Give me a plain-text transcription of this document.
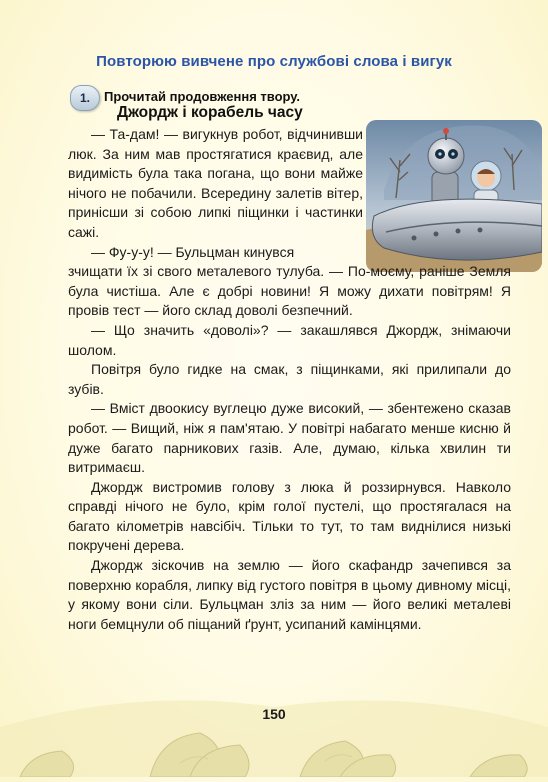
Повторюю вивчене про службові слова і вигук
1. Прочитай продовження твору.
Джордж і корабель часу

— Та-дам! — вигукнув робот, відчинивши люк. За ним мав простягатися краєвид, але видимість була така погана, що вони майже нічого не побачили. Всередину залетів вітер, принісши зі собою липкі піщинки і частинки сажі.

— Фу-у-у! — Бульцман кинувся

зчищати їх зі свого металевого тулуба. — По-моєму, раніше Земля була чистіша. Але є добрі новини! Я можу дихати повітрям! Я провів тест — його склад доволі безпечний.

— Що значить «доволі»? — закашлявся Джордж, знімаючи шолом.

Повітря було гидке на смак, з піщинками, які прилипали до зубів.

— Вміст двоокису вуглецю дуже високий, — збентежено сказав робот. — Вищий, ніж я пам'ятаю. У повітрі набагато менше кисню й дуже багато парникових газів. Але, думаю, кілька хвилин ти витримаєш.

Джордж вистромив голову з люка й роззирнувся. Навколо справді нічого не було, крім голої пустелі, що простягалася на багато кілометрів навсібіч. Тільки то тут, то там виднілися низькі покручені дерева.

Джордж зіскочив на землю — його скафандр зачепився за поверхню корабля, липку від густого повітря в цьому дивному місці, у якому вони сіли. Бульцман зліз за ним — його великі металеві ноги бемцнули об піщаний ґрунт, усипаний камінцями.

150
